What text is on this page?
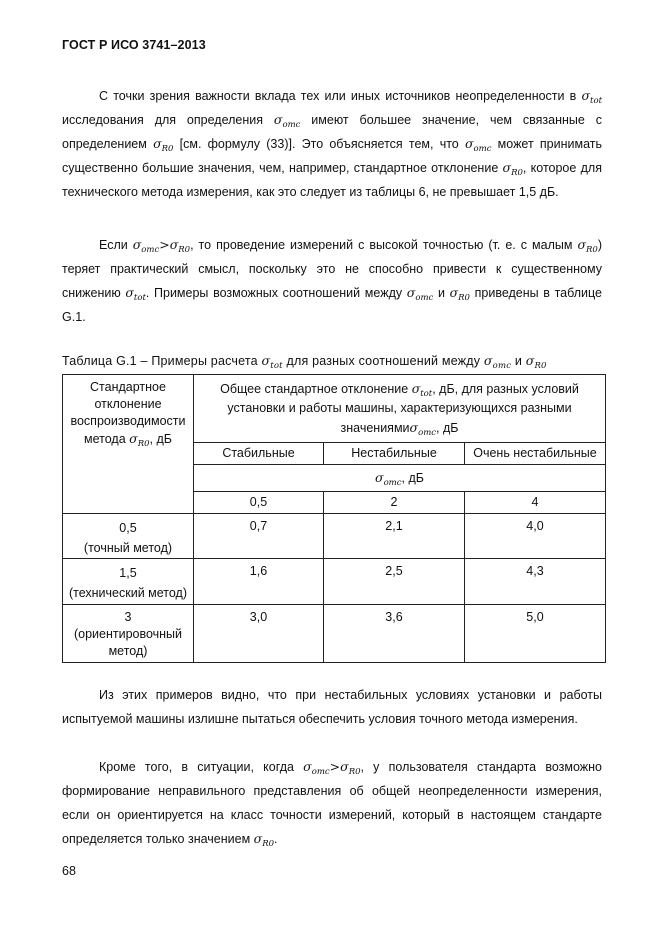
ГОСТ Р ИСО 3741–2013

С точки зрения важности вклада тех или иных источников неопределенности в $\sigma_{tot}$ исследования для определения $\sigma_{omc}$ имеют большее значение, чем связанные с определением $\sigma_{R0}$ [см. формулу (33)]. Это объясняется тем, что $\sigma_{omc}$ может принимать существенно большие значения, чем, например, стандартное отклонение $\sigma_{R0}$, которое для технического метода измерения, как это следует из таблицы 6, не превышает 1,5 дБ.

Если $\sigma_{omc}>\sigma_{R0}$, то проведение измерений с высокой точностью (т. е. с малым $\sigma_{R0}$) теряет практический смысл, поскольку это не способно привести к существенному снижению $\sigma_{tot}$. Примеры возможных соотношений между $\sigma_{omc}$ и $\sigma_{R0}$ приведены в таблице G.1.

Таблица G.1 – Примеры расчета $\sigma_{tot}$ для разных соотношений между $\sigma_{omc}$ и $\sigma_{R0}$
Стандартное отклонение воспроизводимости метода $\sigma_{R0}$, дБ	Общее стандартное отклонение $\sigma_{tot}$, дБ, для разных условий установки и работы машины, характеризующихся разными значениямиσ$_{omc}$, дБ		
	Стабильные	Нестабильные	Очень нестабильные
	$\sigma_{omc}$, дБ		
	0,5	2	4

0,5
(точный метод)	0,7	2,1	4,0

1,5
(технический метод)	1,6	2,5	4,3

3
(ориентировочный метод)	3,0	3,6	5,0

Из этих примеров видно, что при нестабильных условиях установки и работы испытуемой машины излишне пытаться обеспечить условия точного метода измерения.

Кроме того, в ситуации, когда $\sigma_{omc}>\sigma_{R0}$, у пользователя стандарта возможно формирование неправильного представления об общей неопределенности измерения, если он ориентируется на класс точности измерений, который в настоящем стандарте определяется только значением $\sigma_{R0}$.

68
